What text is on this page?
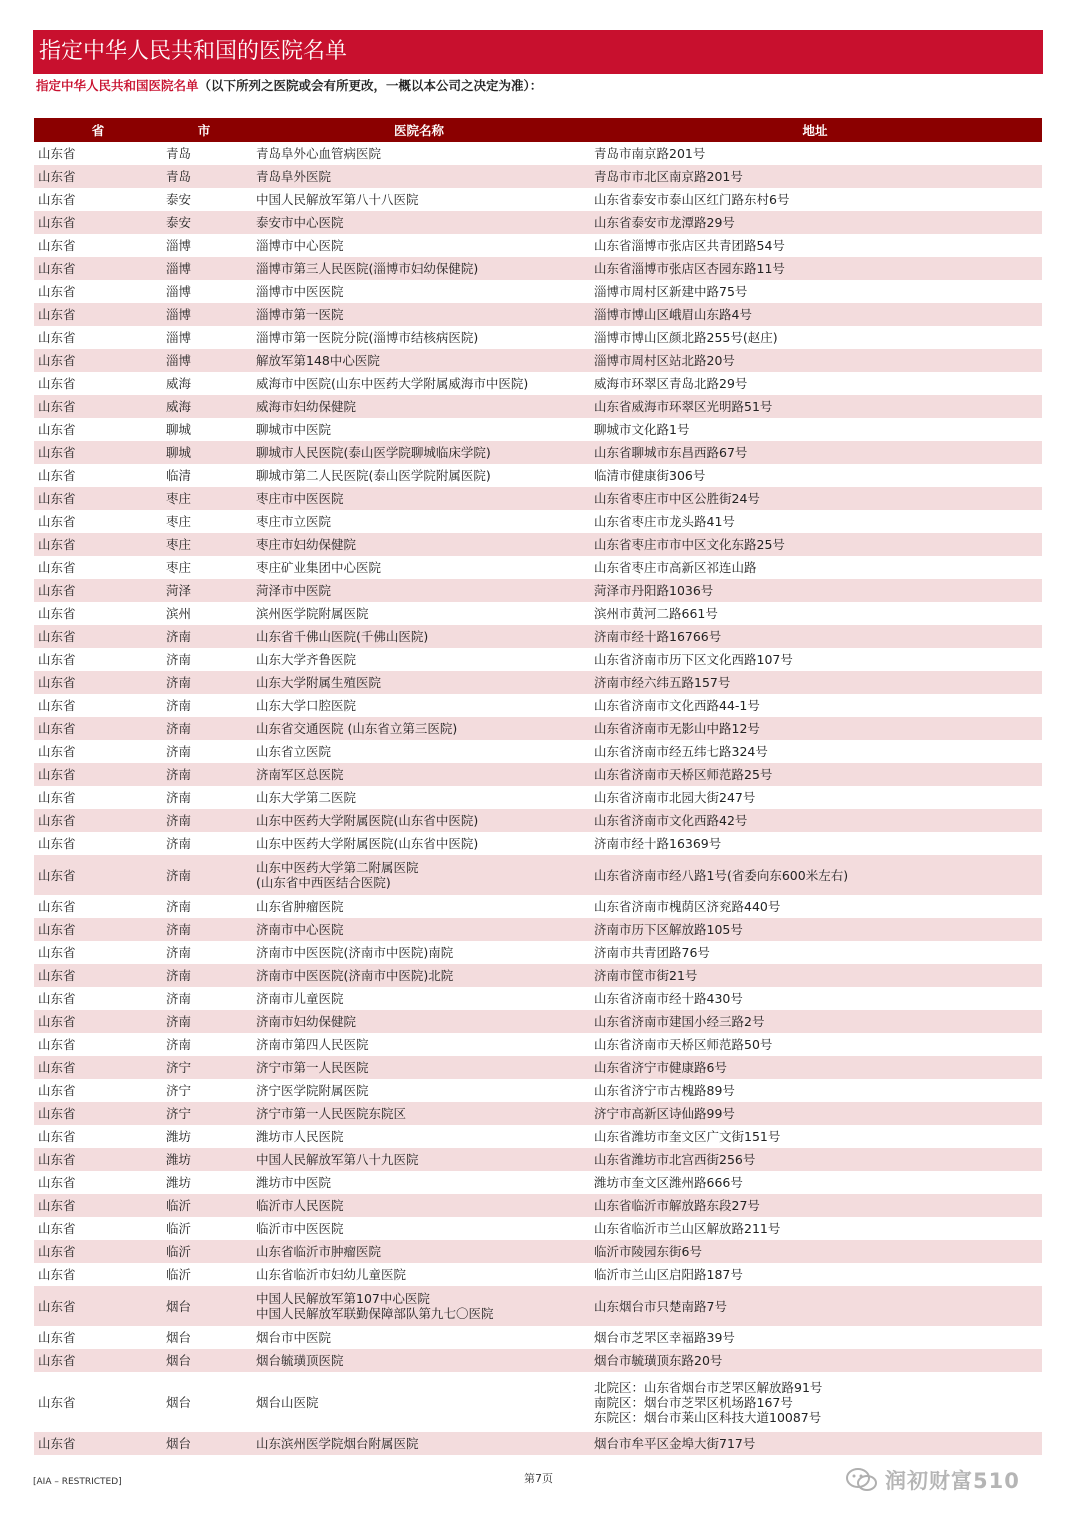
指定中华人民共和国的医院名单
指定中华人民共和国医院名单（以下所列之医院或会有所更改，一概以本公司之决定为准）：
省	市	医院名称	地址
山东省	青岛	青岛阜外心血管病医院	青岛市南京路201号
山东省	青岛	青岛阜外医院	青岛市市北区南京路201号
山东省	泰安	中国人民解放军第八十八医院	山东省泰安市泰山区红门路东村6号
山东省	泰安	泰安市中心医院	山东省泰安市龙潭路29号
山东省	淄博	淄博市中心医院	山东省淄博市张店区共青团路54号
山东省	淄博	淄博市第三人民医院(淄博市妇幼保健院)	山东省淄博市张店区杏园东路11号
山东省	淄博	淄博市中医医院	淄博市周村区新建中路75号
山东省	淄博	淄博市第一医院	淄博市博山区峨眉山东路4号
山东省	淄博	淄博市第一医院分院(淄博市结核病医院)	淄博市博山区颜北路255号(赵庄)
山东省	淄博	解放军第148中心医院	淄博市周村区站北路20号
山东省	威海	威海市中医院(山东中医药大学附属威海市中医院)	威海市环翠区青岛北路29号
山东省	威海	威海市妇幼保健院	山东省威海市环翠区光明路51号
山东省	聊城	聊城市中医院	聊城市文化路1号
山东省	聊城	聊城市人民医院(泰山医学院聊城临床学院)	山东省聊城市东昌西路67号
山东省	临清	聊城市第二人民医院(泰山医学院附属医院)	临清市健康街306号
山东省	枣庄	枣庄市中医医院	山东省枣庄市中区公胜街24号
山东省	枣庄	枣庄市立医院	山东省枣庄市龙头路41号
山东省	枣庄	枣庄市妇幼保健院	山东省枣庄市市中区文化东路25号
山东省	枣庄	枣庄矿业集团中心医院	山东省枣庄市高新区祁连山路
山东省	菏泽	菏泽市中医院	菏泽市丹阳路1036号
山东省	滨州	滨州医学院附属医院	滨州市黄河二路661号
山东省	济南	山东省千佛山医院(千佛山医院)	济南市经十路16766号
山东省	济南	山东大学齐鲁医院	山东省济南市历下区文化西路107号
山东省	济南	山东大学附属生殖医院	济南市经六纬五路157号
山东省	济南	山东大学口腔医院	山东省济南市文化西路44-1号
山东省	济南	山东省交通医院 (山东省立第三医院)	山东省济南市无影山中路12号
山东省	济南	山东省立医院	山东省济南市经五纬七路324号
山东省	济南	济南军区总医院	山东省济南市天桥区师范路25号
山东省	济南	山东大学第二医院	山东省济南市北园大街247号
山东省	济南	山东中医药大学附属医院(山东省中医院)	山东省济南市文化西路42号
山东省	济南	山东中医药大学附属医院(山东省中医院)	济南市经十路16369号
山东省	济南	山东中医药大学第二附属医院
(山东省中西医结合医院)	山东省济南市经八路1号(省委向东600米左右)
山东省	济南	山东省肿瘤医院	山东省济南市槐荫区济兖路440号
山东省	济南	济南市中心医院	济南市历下区解放路105号
山东省	济南	济南市中医医院(济南市中医院)南院	济南市共青团路76号
山东省	济南	济南市中医医院(济南市中医院)北院	济南市筐市街21号
山东省	济南	济南市儿童医院	山东省济南市经十路430号
山东省	济南	济南市妇幼保健院	山东省济南市建国小经三路2号
山东省	济南	济南市第四人民医院	山东省济南市天桥区师范路50号
山东省	济宁	济宁市第一人民医院	山东省济宁市健康路6号
山东省	济宁	济宁医学院附属医院	山东省济宁市古槐路89号
山东省	济宁	济宁市第一人民医院东院区	济宁市高新区诗仙路99号
山东省	潍坊	潍坊市人民医院	山东省潍坊市奎文区广文街151号
山东省	潍坊	中国人民解放军第八十九医院	山东省潍坊市北宫西街256号
山东省	潍坊	潍坊市中医院	潍坊市奎文区潍州路666号
山东省	临沂	临沂市人民医院	山东省临沂市解放路东段27号
山东省	临沂	临沂市中医医院	山东省临沂市兰山区解放路211号
山东省	临沂	山东省临沂市肿瘤医院	临沂市陵园东街6号
山东省	临沂	山东省临沂市妇幼儿童医院	临沂市兰山区启阳路187号
山东省	烟台	中国人民解放军第107中心医院
中国人民解放军联勤保障部队第九七〇医院	山东烟台市只楚南路7号
山东省	烟台	烟台市中医院	烟台市芝罘区幸福路39号
山东省	烟台	烟台毓璜顶医院	烟台市毓璜顶东路20号
山东省	烟台	烟台山医院
北院区：山东省烟台市芝罘区解放路91号
南院区：烟台市芝罘区机场路167号
东院区：烟台市莱山区科技大道10087号
山东省	烟台	山东滨州医学院烟台附属医院	烟台市牟平区金埠大街717号
[AIA – RESTRICTED]	第7页	润初财富510
